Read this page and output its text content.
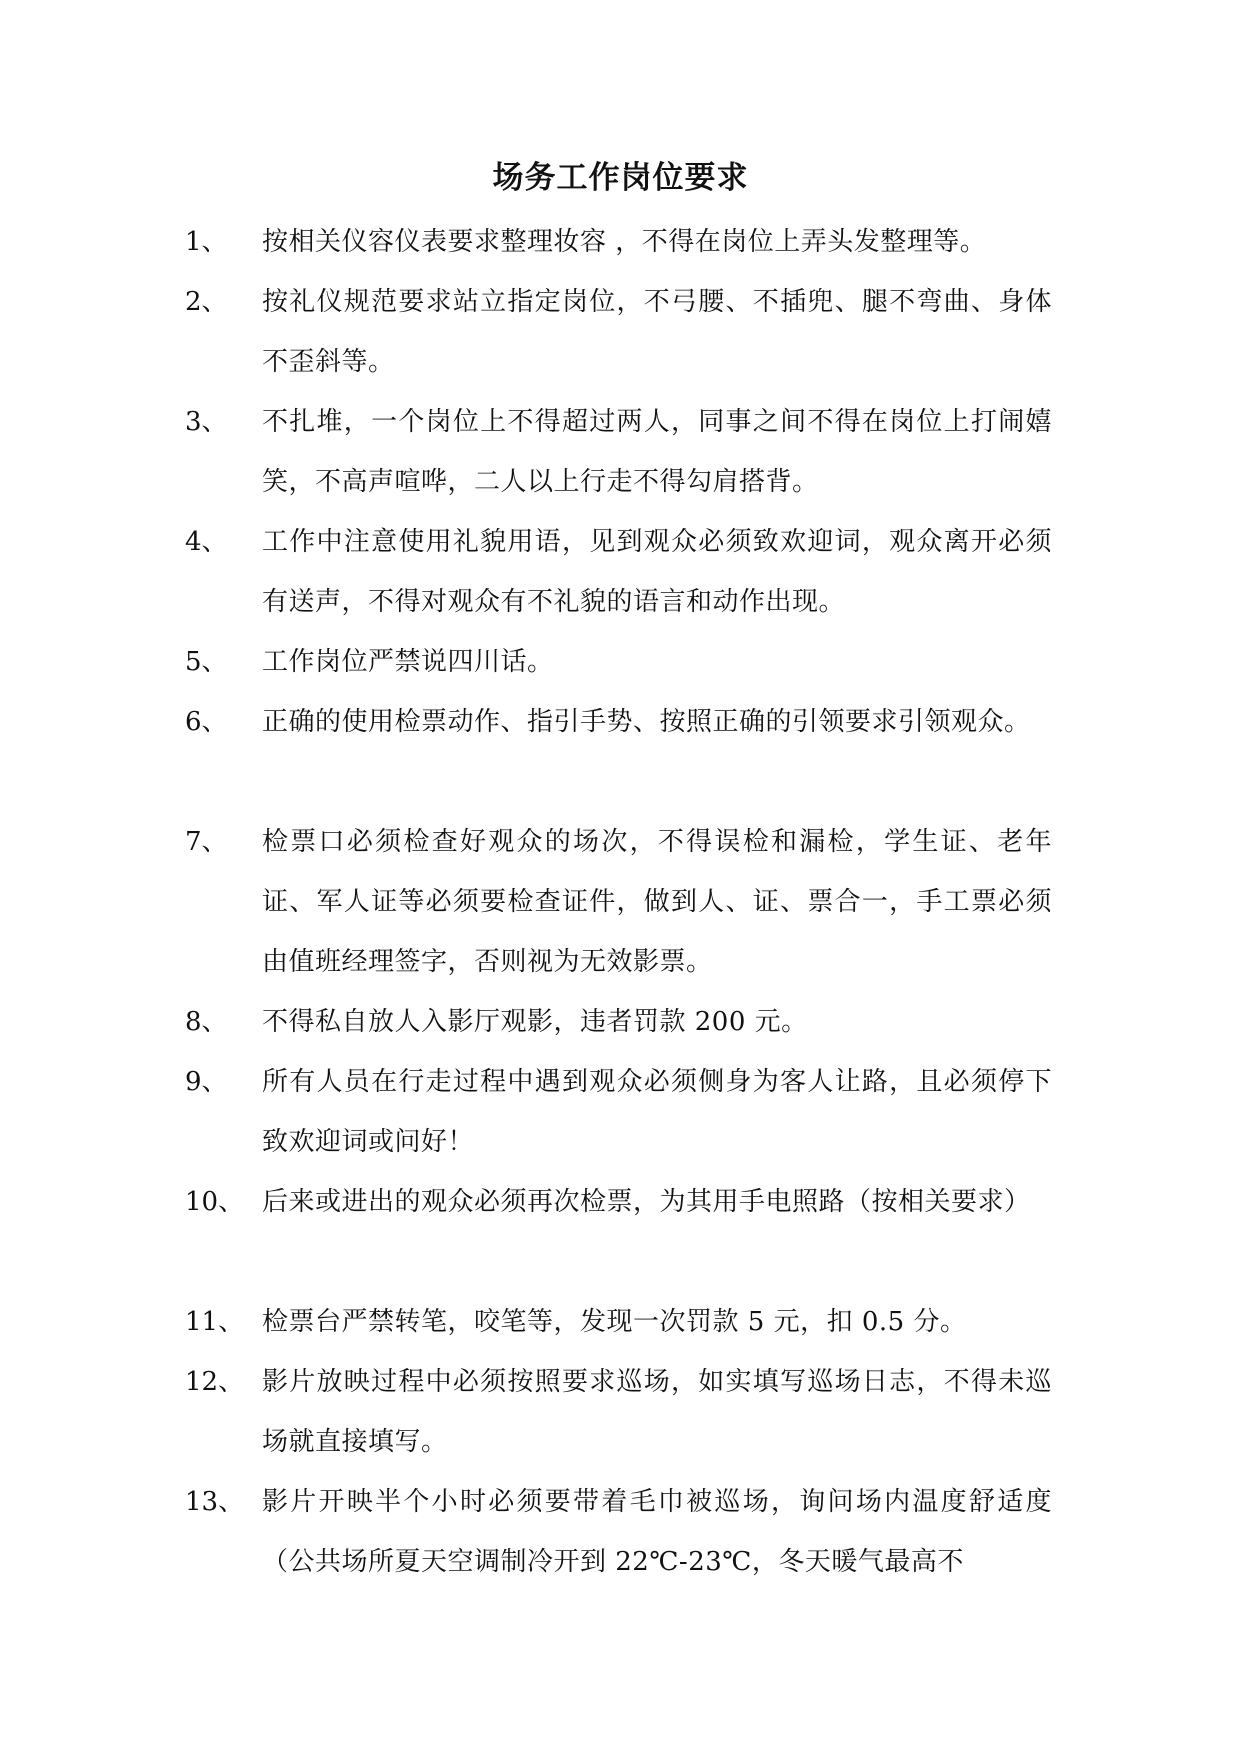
场务工作岗位要求
1、 按相关仪容仪表要求整理妆容 ，不得在岗位上弄头发整理等。
2、 按礼仪规范要求站立指定岗位，不弓腰、不插兜、腿不弯曲、身体不歪斜等。
3、 不扎堆，一个岗位上不得超过两人，同事之间不得在岗位上打闹嬉笑，不高声喧哗，二人以上行走不得勾肩搭背。
4、 工作中注意使用礼貌用语，见到观众必须致欢迎词，观众离开必须有送声，不得对观众有不礼貌的语言和动作出现。
5、 工作岗位严禁说四川话。
6、 正确的使用检票动作、指引手势、按照正确的引领要求引领观众。
7、 检票口必须检查好观众的场次，不得误检和漏检，学生证、老年证、军人证等必须要检查证件，做到人、证、票合一，手工票必须由值班经理签字，否则视为无效影票。
8、 不得私自放人入影厅观影，违者罚款 200 元。
9、 所有人员在行走过程中遇到观众必须侧身为客人让路，且必须停下致欢迎词或问好！
10、 后来或进出的观众必须再次检票，为其用手电照路（按相关要求）
11、 检票台严禁转笔，咬笔等，发现一次罚款 5 元，扣 0.5 分。
12、 影片放映过程中必须按照要求巡场，如实填写巡场日志，不得未巡场就直接填写。
13、 影片开映半个小时必须要带着毛巾被巡场，询问场内温度舒适度 （公共场所夏天空调制冷开到 22℃-23℃，冬天暖气最高不
